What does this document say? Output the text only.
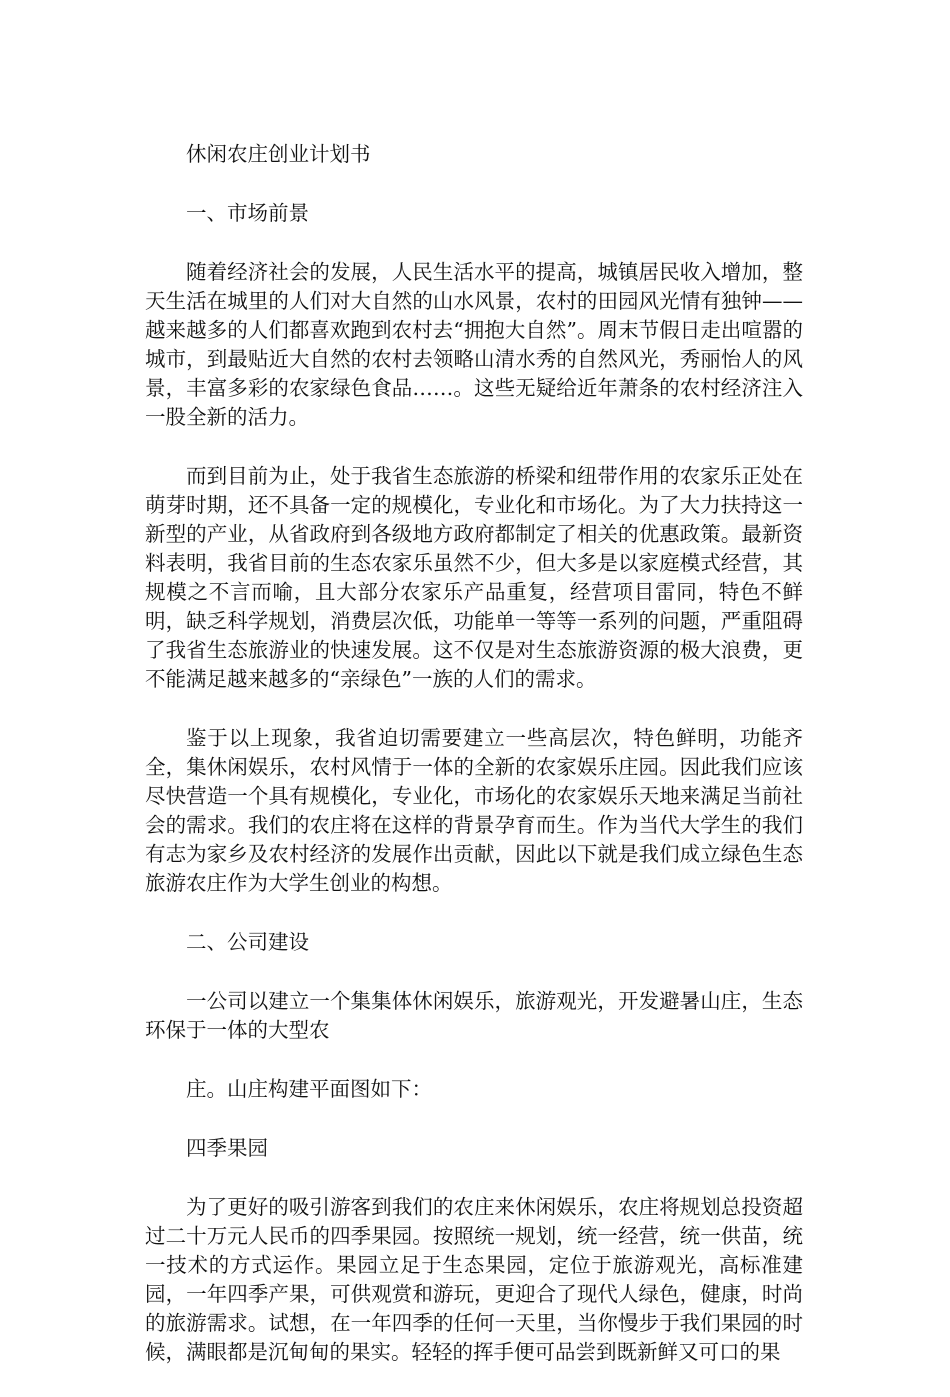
休闲农庄创业计划书

一、市场前景

随着经济社会的发展，人民生活水平的提高，城镇居民收入增加，整天生活在城里的人们对大自然的山水风景，农村的田园风光情有独钟——越来越多的人们都喜欢跑到农村去“拥抱大自然”。周末节假日走出喧嚣的城市，到最贴近大自然的农村去领略山清水秀的自然风光，秀丽怡人的风景，丰富多彩的农家绿色食品……。这些无疑给近年萧条的农村经济注入一股全新的活力。

而到目前为止，处于我省生态旅游的桥梁和纽带作用的农家乐正处在萌芽时期，还不具备一定的规模化，专业化和市场化。为了大力扶持这一新型的产业，从省政府到各级地方政府都制定了相关的优惠政策。最新资料表明，我省目前的生态农家乐虽然不少，但大多是以家庭模式经营，其规模之不言而喻，且大部分农家乐产品重复，经营项目雷同，特色不鲜明，缺乏科学规划，消费层次低，功能单一等等一系列的问题，严重阻碍了我省生态旅游业的快速发展。这不仅是对生态旅游资源的极大浪费，更不能满足越来越多的“亲绿色”一族的人们的需求。

鉴于以上现象，我省迫切需要建立一些高层次，特色鲜明，功能齐全，集休闲娱乐，农村风情于一体的全新的农家娱乐庄园。因此我们应该尽快营造一个具有规模化，专业化，市场化的农家娱乐天地来满足当前社会的需求。我们的农庄将在这样的背景孕育而生。作为当代大学生的我们有志为家乡及农村经济的发展作出贡献，因此以下就是我们成立绿色生态旅游农庄作为大学生创业的构想。

二、公司建设

一公司以建立一个集集体休闲娱乐，旅游观光，开发避暑山庄，生态环保于一体的大型农

庄。山庄构建平面图如下：

四季果园

为了更好的吸引游客到我们的农庄来休闲娱乐，农庄将规划总投资超过二十万元人民币的四季果园。按照统一规划，统一经营，统一供苗，统一技术的方式运作。果园立足于生态果园，定位于旅游观光，高标准建园，一年四季产果，可供观赏和游玩，更迎合了现代人绿色，健康，时尚的旅游需求。试想，在一年四季的任何一天里，当你慢步于我们果园的时候，满眼都是沉甸甸的果实。轻轻的挥手便可品尝到既新鲜又可口的果
